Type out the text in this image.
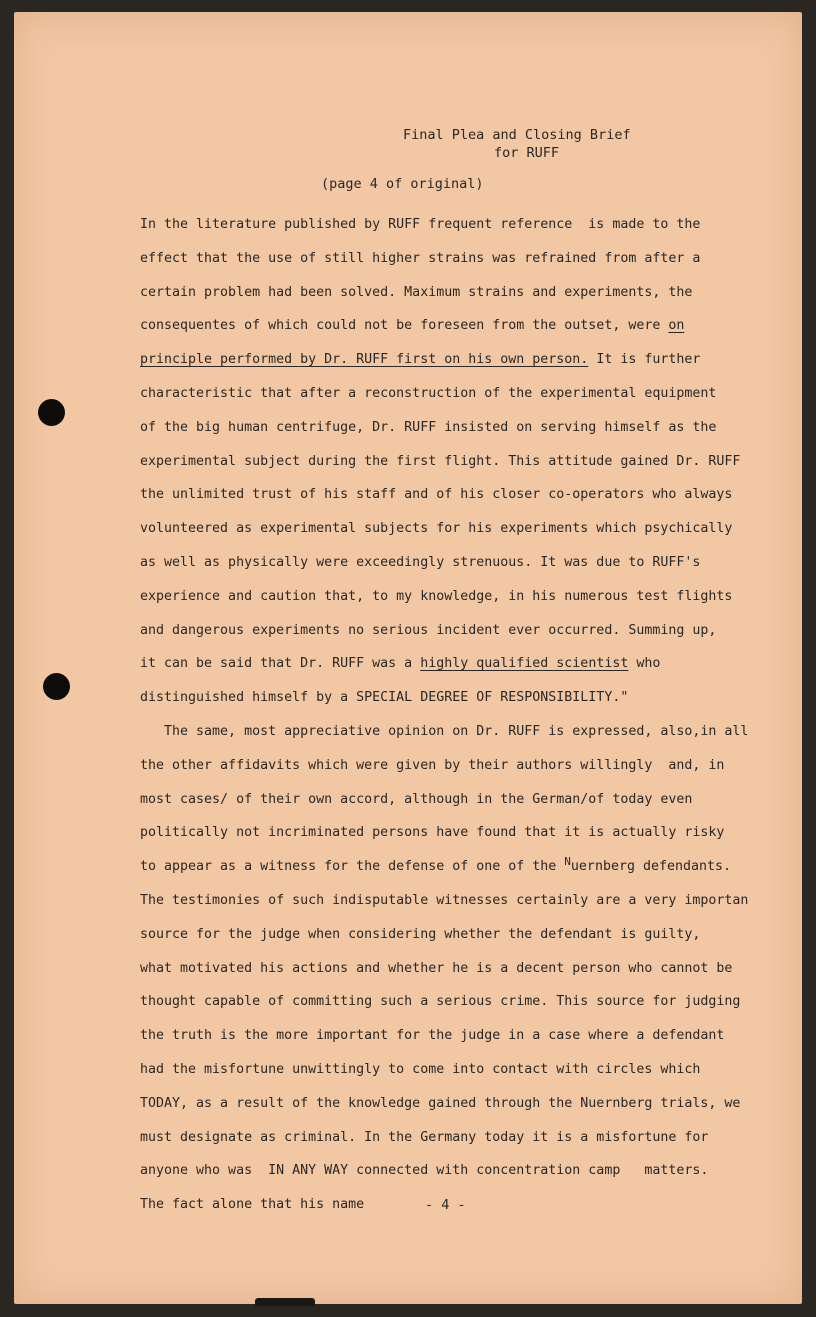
Final Plea and Closing Brief
for RUFF
(page 4 of original)
In the literature published by RUFF frequent reference  is made to the
effect that the use of still higher strains was refrained from after a
certain problem had been solved. Maximum strains and experiments, the
consequentes of which could not be foreseen from the outset, were on
principle performed by Dr. RUFF first on his own person. It is further
characteristic that after a reconstruction of the experimental equipment
of the big human centrifuge, Dr. RUFF insisted on serving himself as the
experimental subject during the first flight. This attitude gained Dr. RUFF
the unlimited trust of his staff and of his closer co-operators who always
volunteered as experimental subjects for his experiments which psychically
as well as physically were exceedingly strenuous. It was due to RUFF's
experience and caution that, to my knowledge, in his numerous test flights
and dangerous experiments no serious incident ever occurred. Summing up,
it can be said that Dr. RUFF was a highly qualified scientist who
distinguished himself by a SPECIAL DEGREE OF RESPONSIBILITY."
The same, most appreciative opinion on Dr. RUFF is expressed, also,in all
the other affidavits which were given by their authors willingly  and, in
most cases/ of their own accord, although in the German/of today even
politically not incriminated persons have found that it is actually risky
to appear as a witness for the defense of one of the $^N$uernberg defendants.
The testimonies of such indisputable witnesses certainly are a very importan
source for the judge when considering whether the defendant is guilty,
what motivated his actions and whether he is a decent person who cannot be
thought capable of committing such a serious crime. This source for judging
the truth is the more important for the judge in a case where a defendant
had the misfortune unwittingly to come into contact with circles which
TODAY, as a result of the knowledge gained through the Nuernberg trials, we
must designate as criminal. In the Germany today it is a misfortune for
anyone who was  IN ANY WAY connected with concentration camp   matters.
The fact alone that his name	- 4 -
